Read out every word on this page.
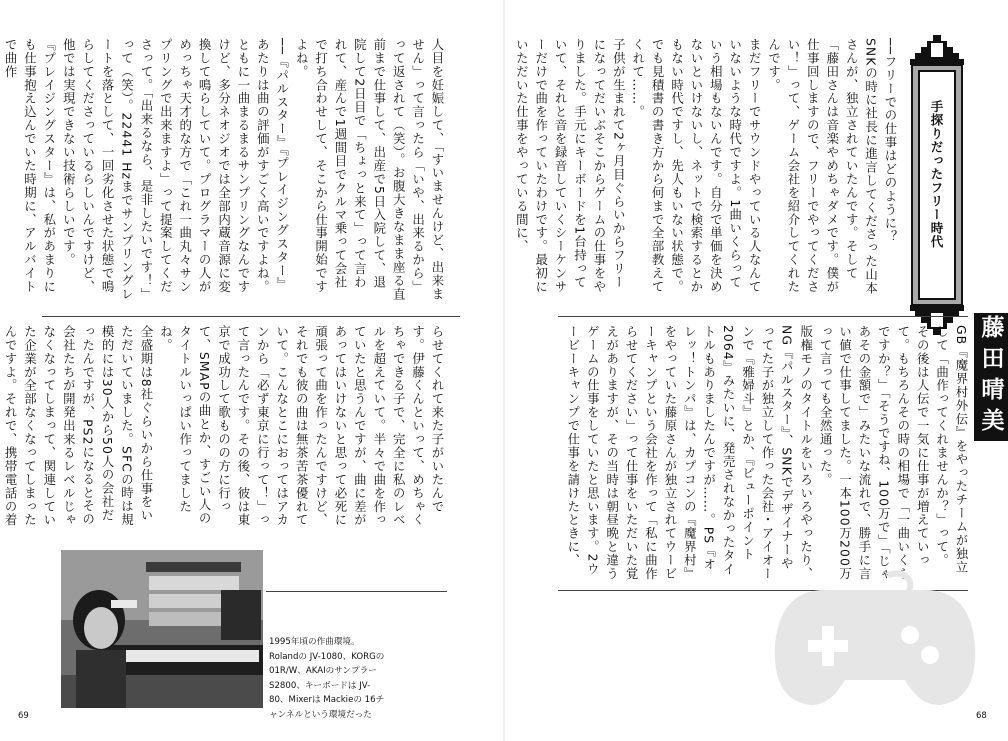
手探りだったフリー時代
藤田晴美
──フリーでの仕事はどのように？
SNKの時に社長に進言してくださった山本さんが、独立されていたんです。そして「藤田さんは音楽やめちゃダメです。僕が仕事回しますので、フリーでやってください！」って、ゲーム会社を紹介してくれたんです。
まだフリーでサウンドやっている人なんていないような時代ですよ。1曲いくらっていう相場もないんです。自分で単価を決めないといけないし、ネットで検索するとかもない時代ですし、先人もいない状態で。でも見積書の書き方から何まで全部教えてくれて……。
子供が生まれて2ヶ月目ぐらいからフリーになってだいぶそこからゲームの仕事をやりました。手元にキーボードを1台持っていて、それと音を録音していくシーケンサーだけで曲を作っていたわけです。最初にいただいた仕事をやっている間に、
GB『魔界村外伝』をやったチームが独立して「曲作ってくれませんか？」って。
その後は人伝で一気に仕事が増えていって。もちろんその時の相場で「一曲いくらですか？」「そうですね、100万で」「じゃあその金額で」みたいな流れで、勝手に言い値で仕事してました。一本100万200万って言っても全然通った。
版権モノのタイトルをいろいろやったり、NG『パルスター』、SNKでデザイナーやってた子が独立して作った会社・アイオーンで『雅婦斗』とか、『ビューポイント2064』みたいに、発売されなかったタイトルもありましたんですが……。PS『オレッ！トンパ』は、カプコンの『魔界村』をやっていた藤原さんが独立されてウービーキャンプという会社を作って「私に曲作らせてください」って仕事をいただいた覚えがありますが、その当時は朝昼晩と違うゲームの仕事をしていたと思います。2ウービーキャンプで仕事を請けたときに、
68
人目を妊娠して、「すいませんけど、出来ません」って言ったら「いや、出来るから」って返されて（笑）。お腹大きなまま座る直前まで仕事して、出産で5日入院して、退院して2日目で「ちょっと来て」って言われて、産んで1週間目でクルマ乗って会社で打ち合わせして、そこから仕事開始ですよね。
──『パルスター』『プレイジングスター』あたりは曲の評価がすごく高いですよね。
ともに一曲まるまるサンプリングなんですけど、多分ネオジオでは全部内蔵音源に変換して鳴らしていて。プログラマーの人がめっちゃ天才的な方で「これ一曲丸々サンプリングで出来ますよ」って提案してくださって。「出来るなら、是非したいです！」って（笑）。22441 Hzまでサンプリングレートを落として、一回劣化させた状態で鳴らしてくださっているらしいんですけど、他では実現できない技術らしいです。
『プレイジングスター』は、私があまりにも仕事抱え込んでいた時期に、アルバイトで曲作
らせてくれて来た子がいたんです。伊藤くんといって、めちゃくちゃできる子で、完全に私のレベルを超えていて。半々で曲を作っていたと思うんですが、曲に差があってはいけないと思って必死に頑張って曲を作ったんですけど、それでも彼の曲は無茶苦茶優れていて。こんなとこにおってはアカンから「必ず東京に行って！」って言ったんです。その後、彼は東京で成功して歌ものの方に行って、SMAPの曲とか、すごい人のタイトルいっぱい作ってましたね。
全盛期は8社ぐらいから仕事をいただいていました。SFCの時は規模的には30人から50人の会社だったんですが、PS2になるとその会社たちが開発出来るレベルじゃなくなってしまって、関連していた企業が全部なくなってしまったんですよ。それで、携帯電話の着
1995年頃の作曲環境。Rolandの JV-1080、KORGの 01R/W、AKAIのサンプラー S2800、キーボードは JV-80、Mixerは Mackieの 16チャンネルという環境だった
69
